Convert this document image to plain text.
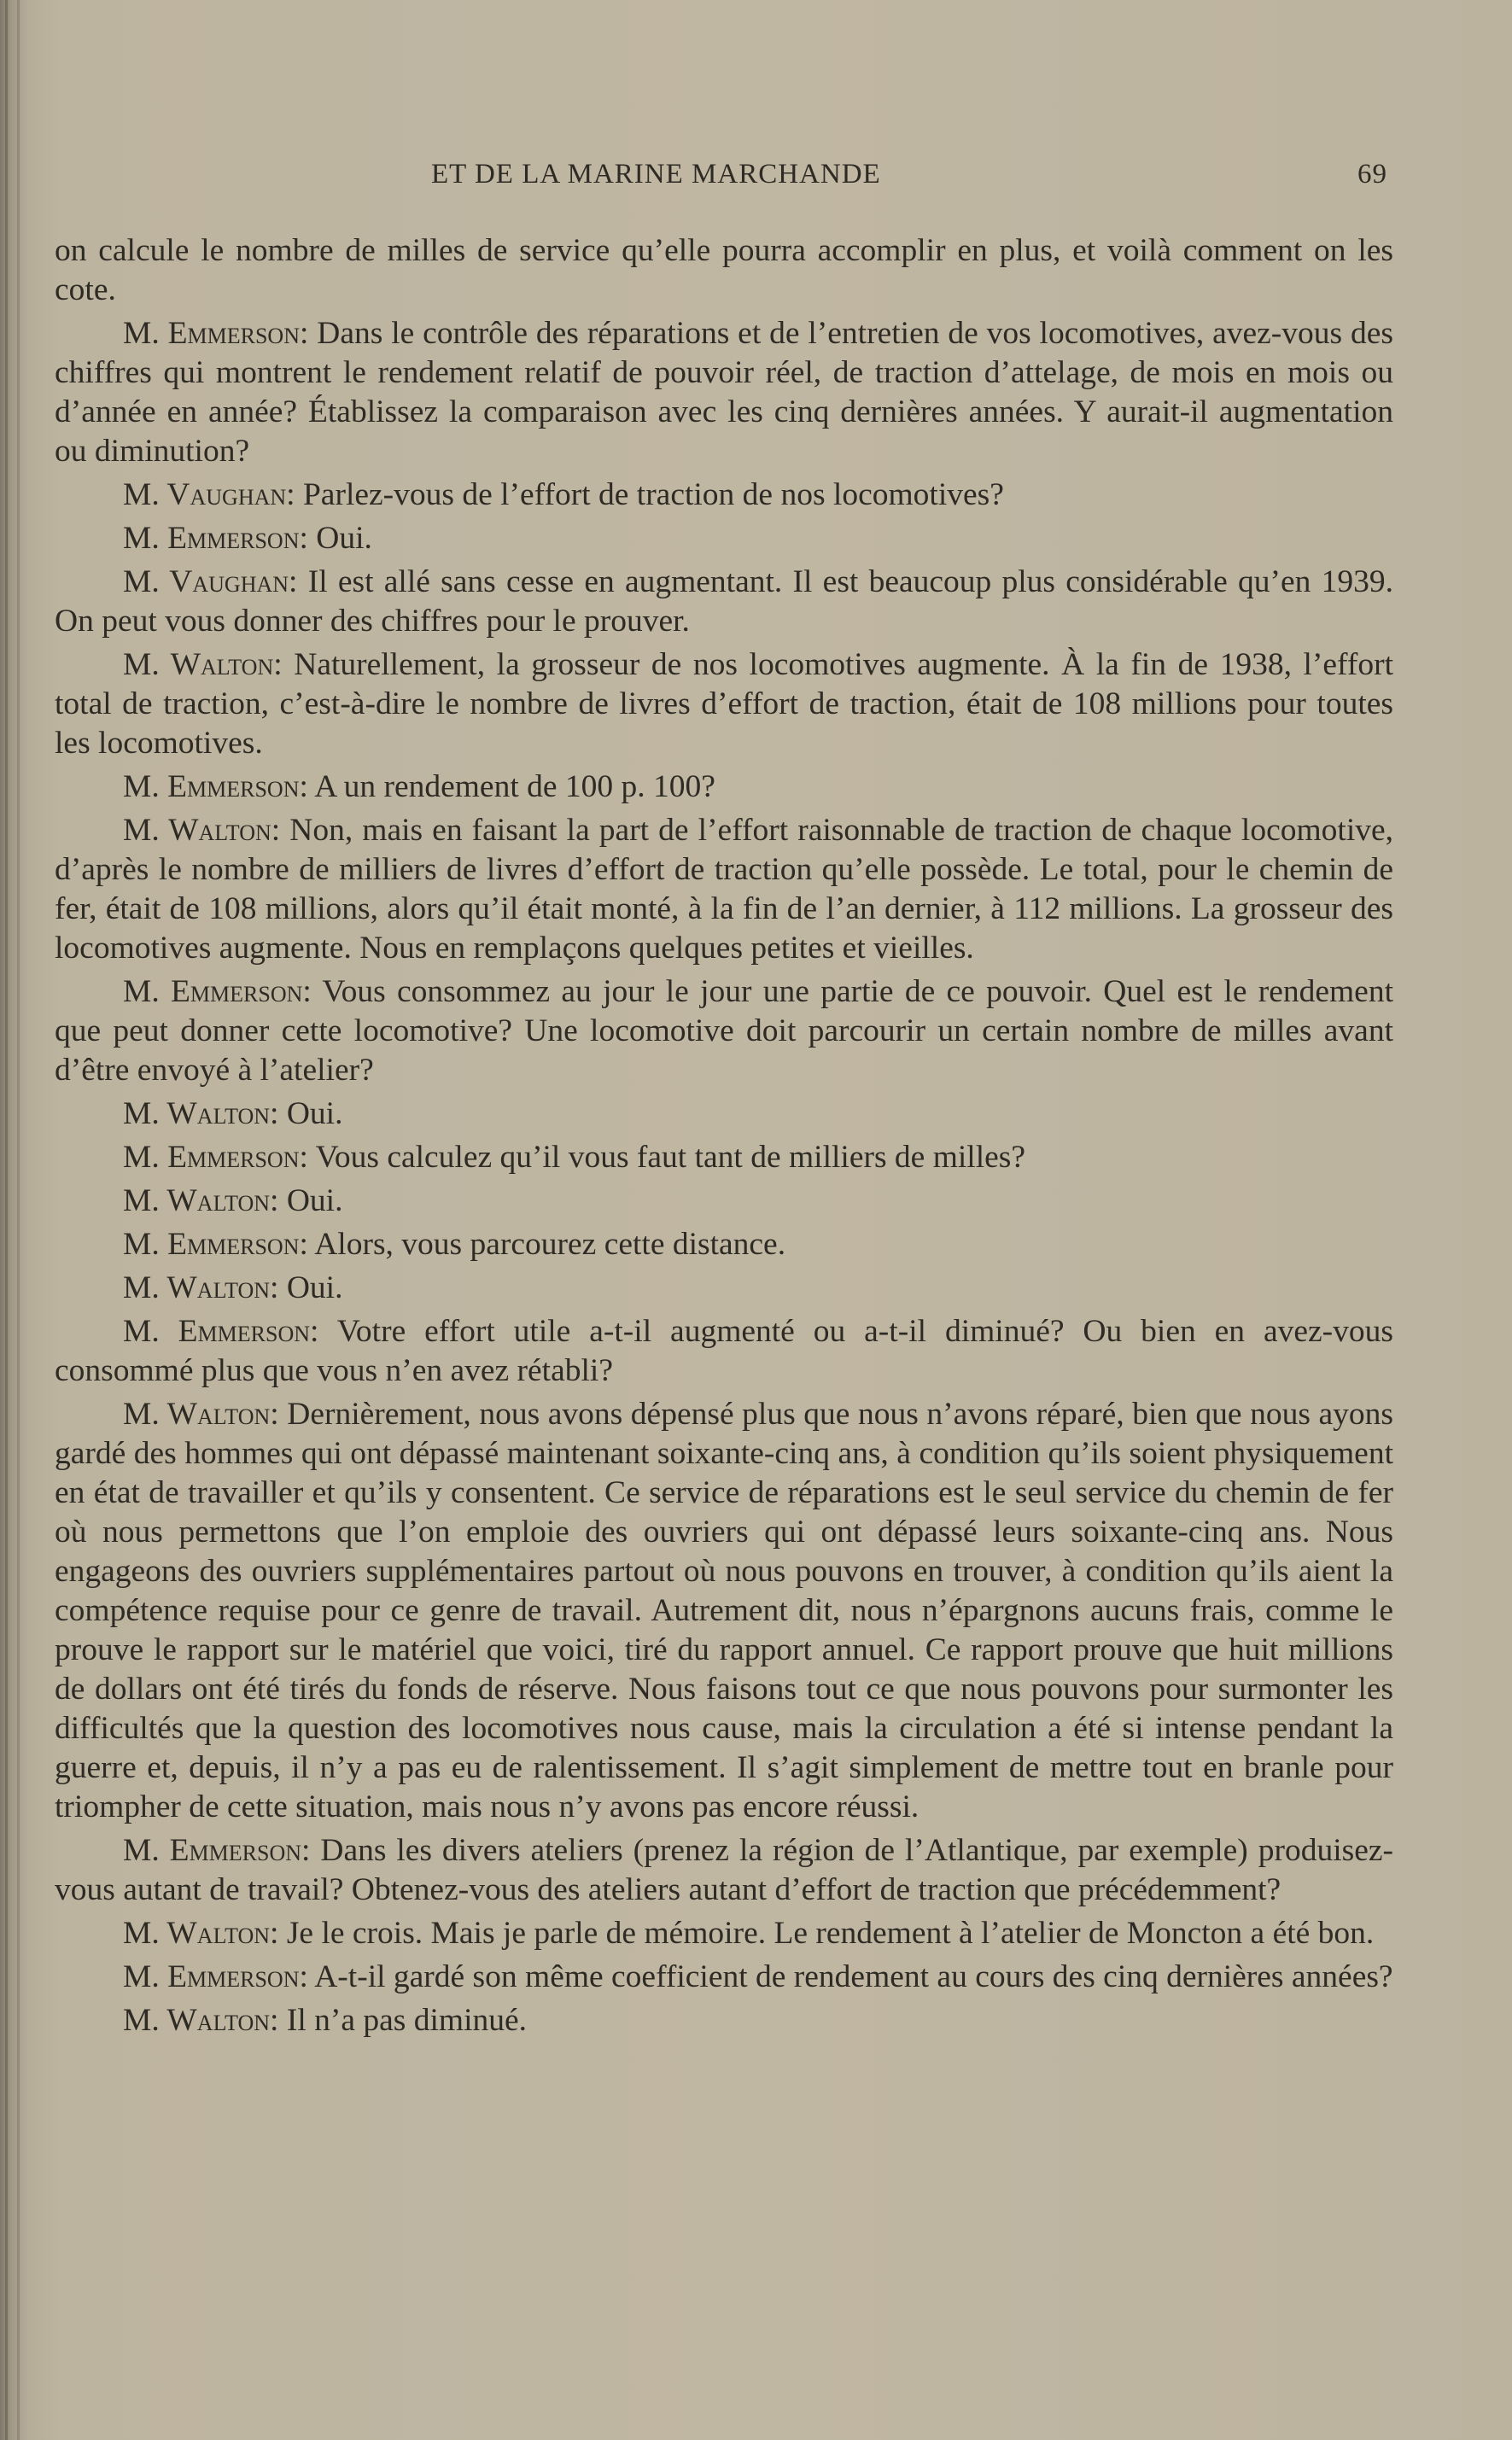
ET DE LA MARINE MARCHANDE	69

on calcule le nombre de milles de service qu’elle pourra accomplir en plus, et voilà comment on les cote.

M. Emmerson: Dans le contrôle des réparations et de l’entretien de vos locomotives, avez-vous des chiffres qui montrent le rendement relatif de pouvoir réel, de traction d’attelage, de mois en mois ou d’année en année? Établissez la comparaison avec les cinq dernières années. Y aurait-il augmentation ou diminution?

M. Vaughan: Parlez-vous de l’effort de traction de nos locomotives?

M. Emmerson: Oui.

M. Vaughan: Il est allé sans cesse en augmentant. Il est beaucoup plus considérable qu’en 1939. On peut vous donner des chiffres pour le prouver.

M. Walton: Naturellement, la grosseur de nos locomotives augmente. À la fin de 1938, l’effort total de traction, c’est-à-dire le nombre de livres d’effort de traction, était de 108 millions pour toutes les locomotives.

M. Emmerson: A un rendement de 100 p. 100?

M. Walton: Non, mais en faisant la part de l’effort raisonnable de traction de chaque locomotive, d’après le nombre de milliers de livres d’effort de traction qu’elle possède. Le total, pour le chemin de fer, était de 108 millions, alors qu’il était monté, à la fin de l’an dernier, à 112 millions. La grosseur des locomotives augmente. Nous en remplaçons quelques petites et vieilles.

M. Emmerson: Vous consommez au jour le jour une partie de ce pouvoir. Quel est le rendement que peut donner cette locomotive? Une locomotive doit parcourir un certain nombre de milles avant d’être envoyé à l’atelier?

M. Walton: Oui.

M. Emmerson: Vous calculez qu’il vous faut tant de milliers de milles?

M. Walton: Oui.

M. Emmerson: Alors, vous parcourez cette distance.

M. Walton: Oui.

M. Emmerson: Votre effort utile a-t-il augmenté ou a-t-il diminué? Ou bien en avez-vous consommé plus que vous n’en avez rétabli?

M. Walton: Dernièrement, nous avons dépensé plus que nous n’avons réparé, bien que nous ayons gardé des hommes qui ont dépassé maintenant soixante-cinq ans, à condition qu’ils soient physiquement en état de travailler et qu’ils y consentent. Ce service de réparations est le seul service du chemin de fer où nous permettons que l’on emploie des ouvriers qui ont dépassé leurs soixante-cinq ans. Nous engageons des ouvriers supplémentaires partout où nous pouvons en trouver, à condition qu’ils aient la compétence requise pour ce genre de travail. Autrement dit, nous n’épargnons aucuns frais, comme le prouve le rapport sur le matériel que voici, tiré du rapport annuel. Ce rapport prouve que huit millions de dollars ont été tirés du fonds de réserve. Nous faisons tout ce que nous pouvons pour surmonter les difficultés que la question des locomotives nous cause, mais la circulation a été si intense pendant la guerre et, depuis, il n’y a pas eu de ralentissement. Il s’agit simplement de mettre tout en branle pour triompher de cette situation, mais nous n’y avons pas encore réussi.

M. Emmerson: Dans les divers ateliers (prenez la région de l’Atlantique, par exemple) produisez-vous autant de travail? Obtenez-vous des ateliers autant d’effort de traction que précédemment?

M. Walton: Je le crois. Mais je parle de mémoire. Le rendement à l’atelier de Moncton a été bon.

M. Emmerson: A-t-il gardé son même coefficient de rendement au cours des cinq dernières années?

M. Walton: Il n’a pas diminué.
